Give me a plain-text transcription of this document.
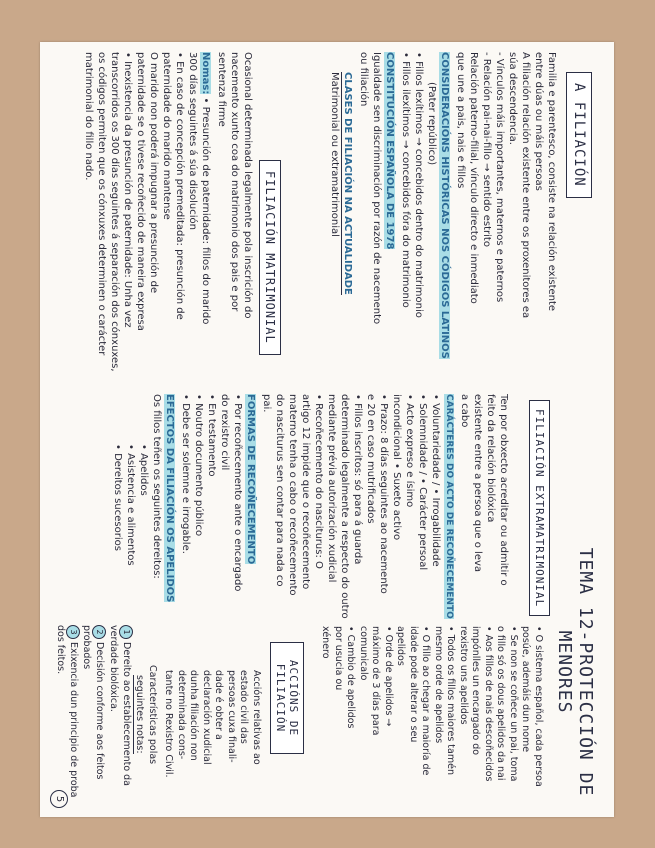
TEMA 12-PROTECCIÓN DE MENORES
A FILIACIÓN
Familia e parentesco, consiste na relación existente
entre dúas ou máis persoas
A filiación relación existente entre os proxenitores ea
súa descendencia.
- Vínculos máis importantes, maternos e paternos
- Relación pai-nai-fillo → sentido estrito
Relación paterno-filial, vínculo directo e inmediato
que une a pais, nais e fillos
CONSIDERACIÓNS HISTÓRICAS NOS CÓDIGOS LATINOS
(Pater repúblico)
• Fillos lexítimos → concebidos dentro do matrimonio
• Fillos ilexítimos → concebidos fóra do matrimonio
CONSTITUCIÓN ESPAÑOLA DE 1978
Igualdade sen discriminación por razón de nacemento
ou filiación
CLASES DE FILIACIÓN NA ACTUALIDADE
Matrimonial ou extramatrimonial
FILIACIÓN MATRIMONIAL
Ocasional determinada legalmente pola inscrición do
nacemento xunto coa do matrimonio dos pais e por
sentenza firme
Nomas: • Presunción de paternidade: fillos do marido
300 días seguintes á súa disolución
• En caso de concepción premeditada: presunción de
paternidade do marido mantense
O marido non poderá impugnar a presunción de
paternidade se o tivese recoñecido de maneira expresa
• Inexistencia da presunción de paternidade: Unha vez
transcorridos os 300 días seguintes á separación dos cónxuxes,
os códigos permiten que os cónxuxes determinen o carácter
matrimonial do fillo nado.
FILIACIÓN EXTRAMATRIMONIAL
Ten por obxecto acreditar ou admitir o
feito da relación biolóxica
existente entre a persoa que o leva
a cabo
CARÁCTERES DO ACTO DE RECOÑECEMENTO
• Voluntariedade / • Irrogabilidade
• Solemnidade / • Carácter persoal
• Acto expreso e ísimo
incondicional • Suxeto activo
• Prazo: 8 días seguintes ao nacemento
e 20 en caso mutrificados
• Fillos inscritos: só para á guarda
determinado legalmente a respecto do outro
mediante prévia autorización xudicial
• Recoñecemento do nasciturus: O
artigo 12 impide que o recoñecemento
materno tenha o cabo o recoñecemento
do nasciturus sen contar para nada co
pai.
FORMAS DE RECOÑECEMENTO
• Por recoñecemento ante o encargado
do rexistro civil
• En testamento
• Noutro documento público
• Debe ser solemne e irrogable.
EFECTOS DA FILIACIÓN OS APELIDOS
Os fillos teñen os seguintes dereitos:
• Apelidos
• Asistencia e alimentos
• Dereitos sucesorios
• O sistema español, cada persoa
posúe, ademáis dun nome
• Se non se coñece un pai, toma
o fillo só os dous apelidos da nai
• Aos fillos de nais descoñecidos
impónlles un encargado do
rexistro uns apelidos
• Todos os fillos maiores tamén
mesmo orde de apelidos
• O fillo ao chegar a maioría de
idade pode alterar o seu
apelidos
• Orde de apelidos →
máximo de 3 días para
comunicalo
• Cambio de apelidos
por usucia ou
xénero
ACCIÓNS DE FILIACIÓN
Accións relativas ao
estado civil das
persoas cuxa finali-
dade é obter a
declaración xudicial
dunha filiación non
determinada cons-
tante no Rexistro Civil.
Características polas
seguintes notas:
1Dereito ao establecemento da verdade biolóxica.
2Decisión conforme aos feitos probados
3Exixencia dun principio de proba dos feitos.
5
